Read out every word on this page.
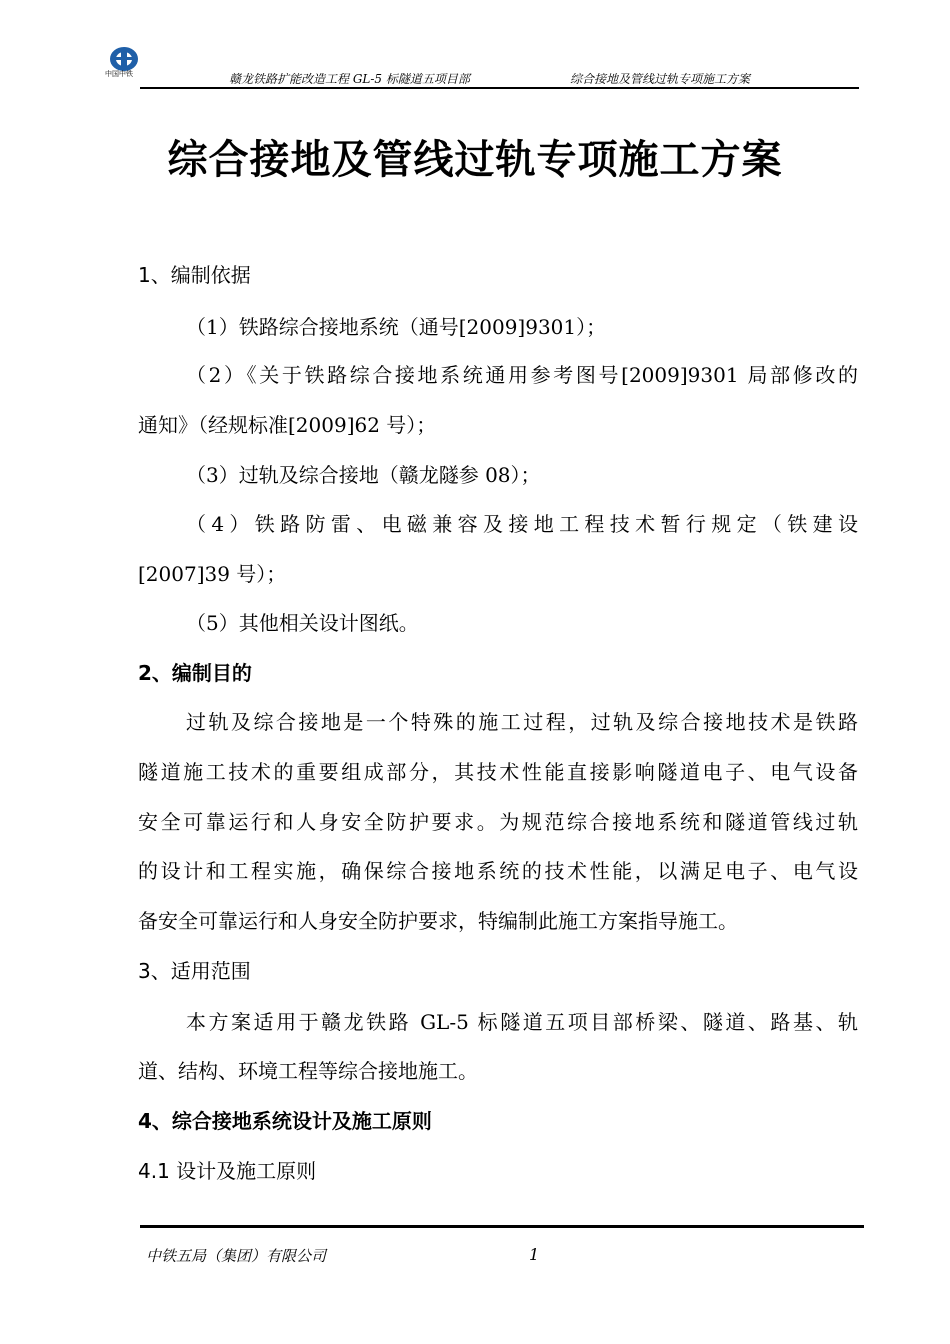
中国中铁	赣龙铁路扩能改造工程 GL-5 标隧道五项目部	综合接地及管线过轨专项施工方案
综合接地及管线过轨专项施工方案
1、编制依据
（1）铁路综合接地系统（通号[2009]9301）；
（2）《关于铁路综合接地系统通用参考图号[2009]9301 局部修改的
通知》（经规标准[2009]62 号）；
（3）过轨及综合接地（赣龙隧参 08）；
（4）铁路防雷、电磁兼容及接地工程技术暂行规定（铁建设
[2007]39 号）；
（5）其他相关设计图纸。
2、编制目的
过轨及综合接地是一个特殊的施工过程，过轨及综合接地技术是铁路
隧道施工技术的重要组成部分，其技术性能直接影响隧道电子、电气设备
安全可靠运行和人身安全防护要求。为规范综合接地系统和隧道管线过轨
的设计和工程实施，确保综合接地系统的技术性能，以满足电子、电气设
备安全可靠运行和人身安全防护要求，特编制此施工方案指导施工。
3、适用范围
本方案适用于赣龙铁路 GL-5 标隧道五项目部桥梁、隧道、路基、轨
道、结构、环境工程等综合接地施工。
4、综合接地系统设计及施工原则
4.1 设计及施工原则
中铁五局（集团）有限公司	1
